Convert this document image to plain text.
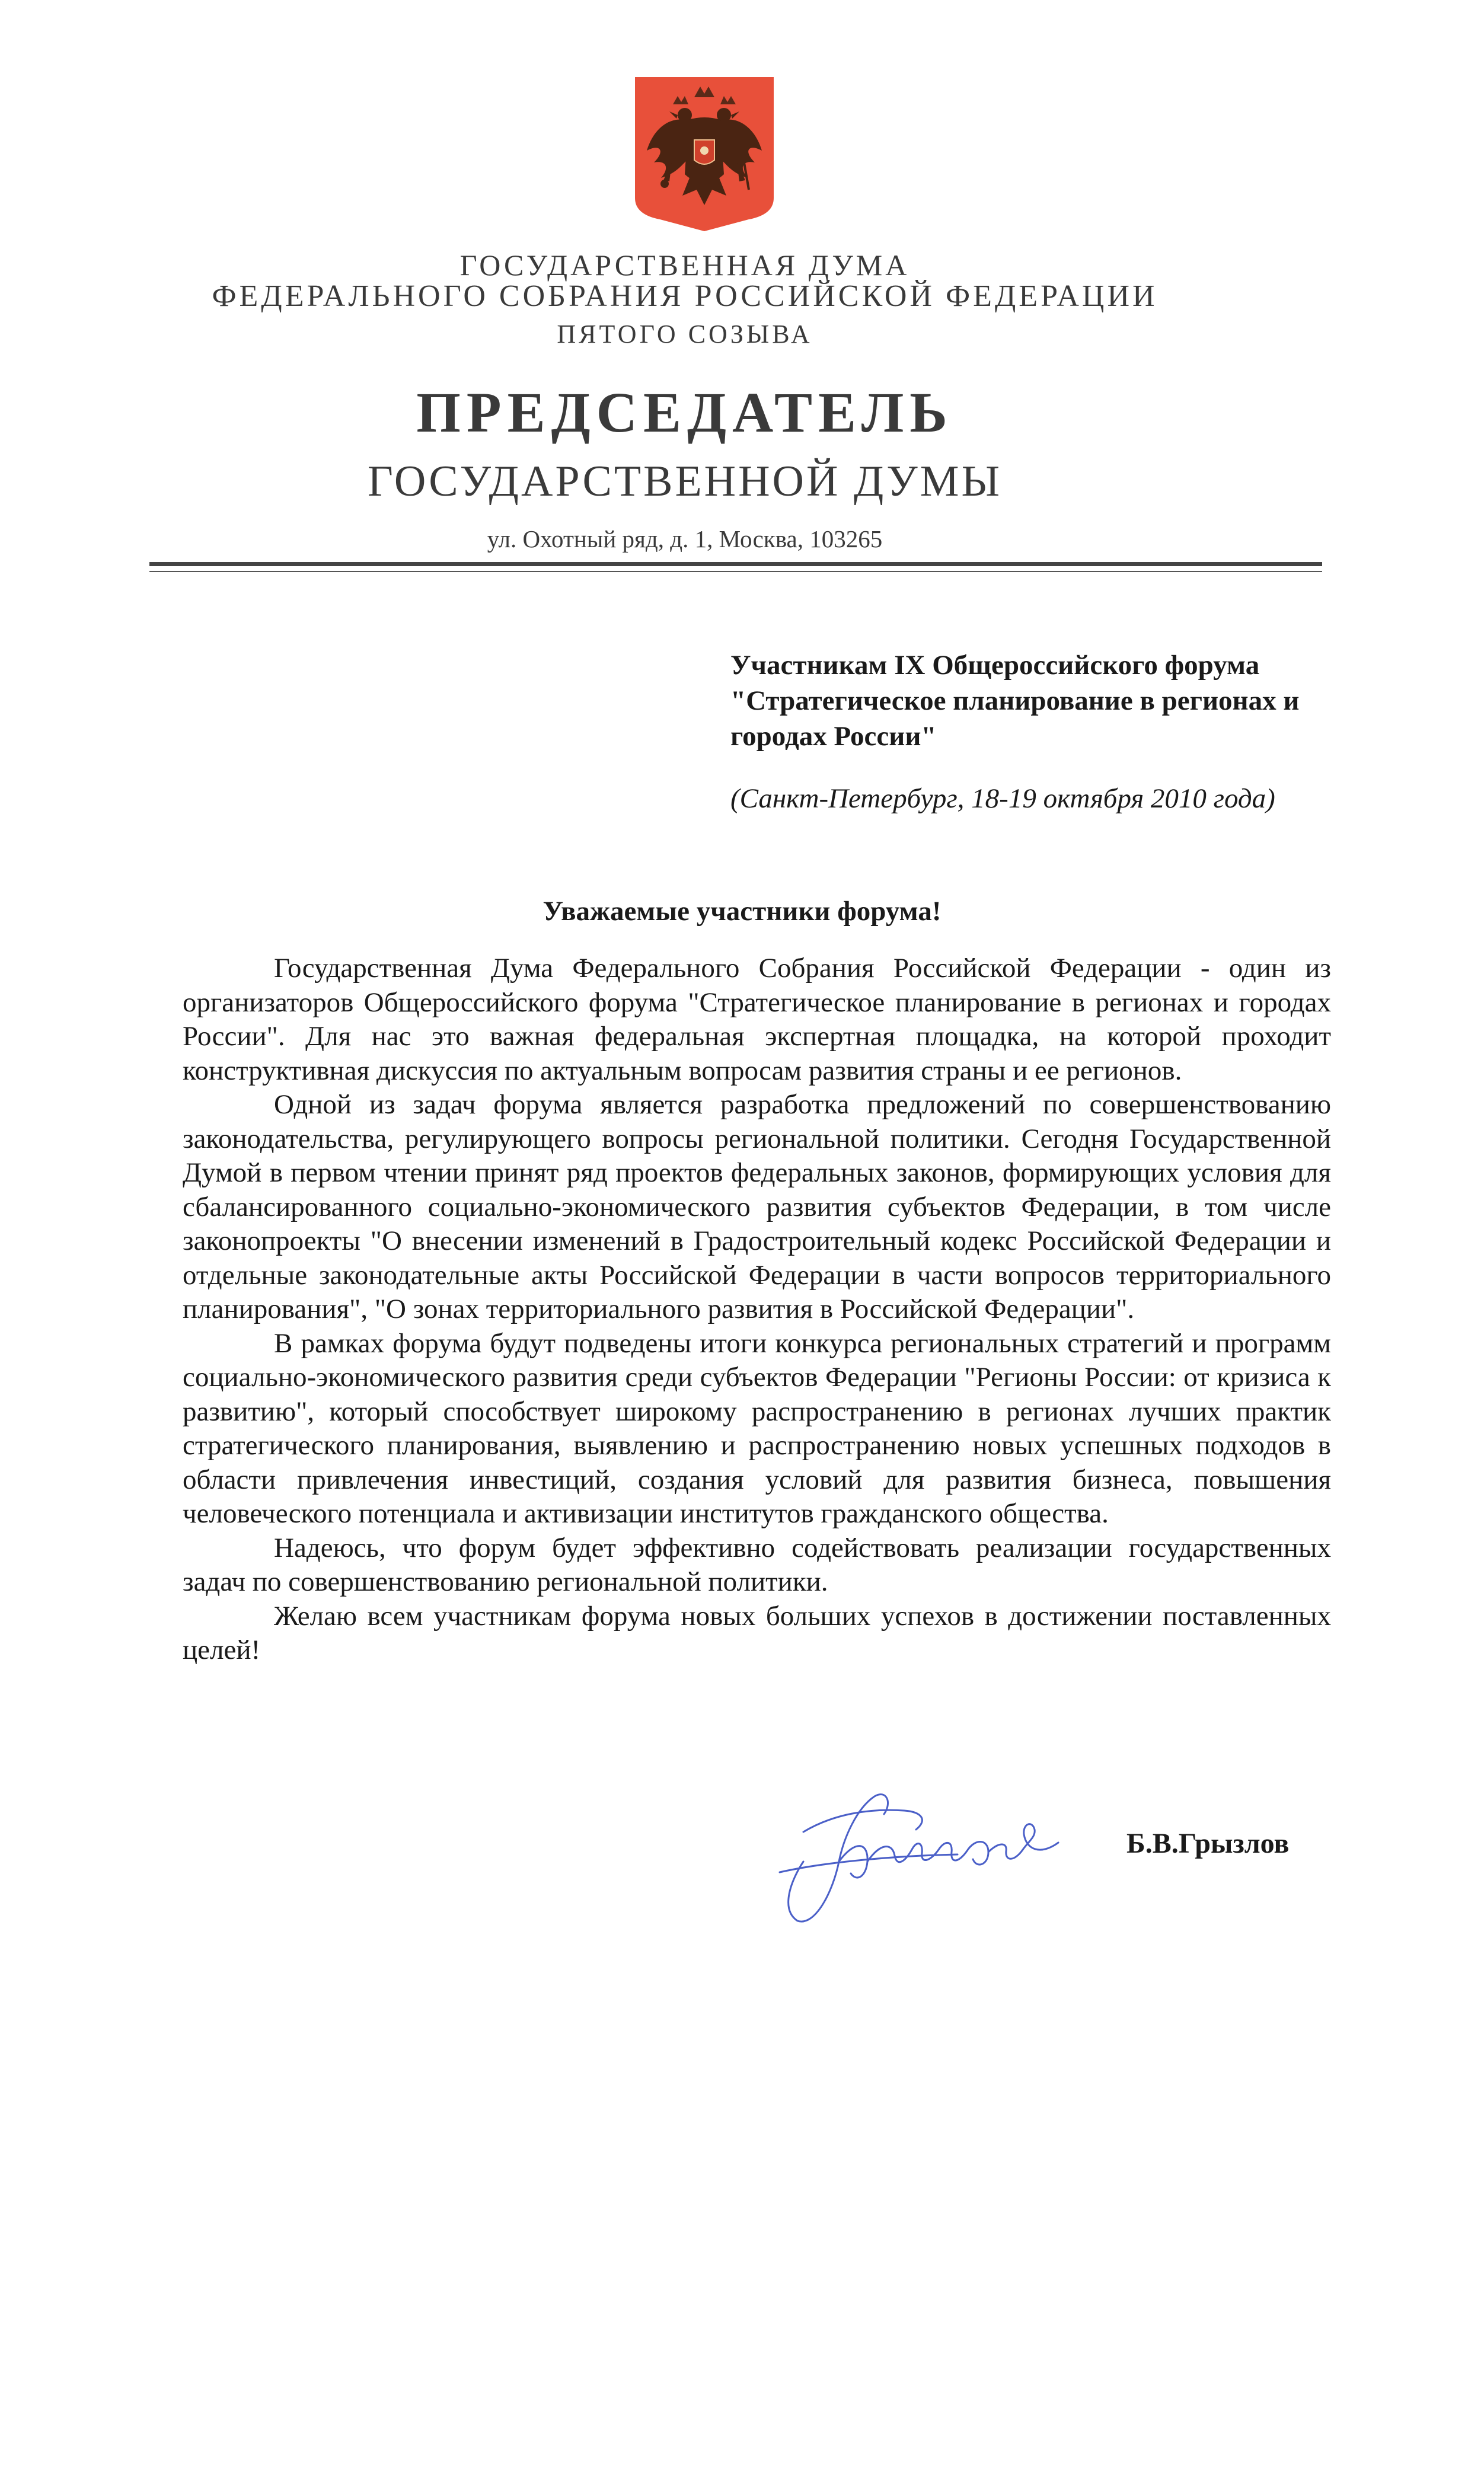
ГОСУДАРСТВЕННАЯ ДУМА
ФЕДЕРАЛЬНОГО СОБРАНИЯ РОССИЙСКОЙ ФЕДЕРАЦИИ
ПЯТОГО СОЗЫВА
ПРЕДСЕДАТЕЛЬ
ГОСУДАРСТВЕННОЙ ДУМЫ
ул. Охотный ряд, д. 1, Москва, 103265
Участникам IX Общероссийского форума
"Стратегическое планирование в регионах и
городах России"
(Санкт-Петербург, 18-19 октября 2010 года)
Уважаемые участники форума!

Государственная Дума Федерального Собрания Российской Федерации - один из организаторов Общероссийского форума "Стратегическое планирование в регионах и городах России". Для нас это важная федеральная экспертная площадка, на которой проходит конструктивная дискуссия по актуальным вопросам развития страны и ее регионов.

Одной из задач форума является разработка предложений по совершенствованию законодательства, регулирующего вопросы региональной политики. Сегодня Государственной Думой в первом чтении принят ряд проектов федеральных законов, формирующих условия для сбалансированного социально-экономического развития субъектов Федерации, в том числе законопроекты "О внесении изменений в Градостроительный кодекс Российской Федерации и отдельные законодательные акты Российской Федерации в части вопросов территориального планирования", "О зонах территориального развития в Российской Федерации".

В рамках форума будут подведены итоги конкурса региональных стратегий и программ социально-экономического развития среди субъектов Федерации "Регионы России: от кризиса к развитию", который способствует широкому распространению в регионах лучших практик стратегического планирования, выявлению и распространению новых успешных подходов в области привлечения инвестиций, создания условий для развития бизнеса, повышения человеческого потенциала и активизации институтов гражданского общества.

Надеюсь, что форум будет эффективно содействовать реализации государственных задач по совершенствованию региональной политики.

Желаю всем участникам форума новых больших успехов в достижении поставленных целей!

Б.В.Грызлов
